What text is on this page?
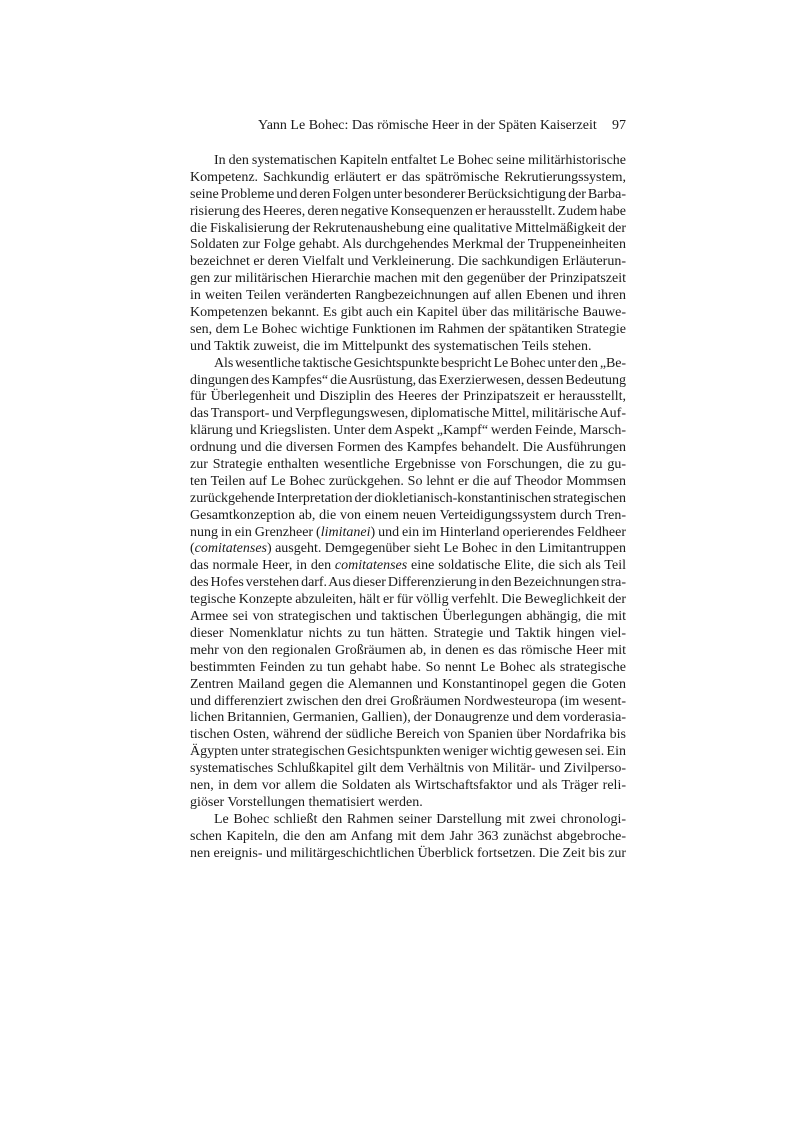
Yann Le Bohec: Das römische Heer in der Späten Kaiserzeit 97
In den systematischen Kapiteln entfaltet Le Bohec seine militärhistorische
Kompetenz. Sachkundig erläutert er das spätrömische Rekrutierungssystem,
seine Probleme und deren Folgen unter besonderer Berücksichtigung der Barba-
risierung des Heeres, deren negative Konsequenzen er herausstellt. Zudem habe
die Fiskalisierung der Rekrutenaushebung eine qualitative Mittelmäßigkeit der
Soldaten zur Folge gehabt. Als durchgehendes Merkmal der Truppeneinheiten
bezeichnet er deren Vielfalt und Verkleinerung. Die sachkundigen Erläuterun-
gen zur militärischen Hierarchie machen mit den gegenüber der Prinzipatszeit
in weiten Teilen veränderten Rangbezeichnungen auf allen Ebenen und ihren
Kompetenzen bekannt. Es gibt auch ein Kapitel über das militärische Bauwe-
sen, dem Le Bohec wichtige Funktionen im Rahmen der spätantiken Strategie
und Taktik zuweist, die im Mittelpunkt des systematischen Teils stehen.
Als wesentliche taktische Gesichtspunkte bespricht Le Bohec unter den „Be-
dingungen des Kampfes“ die Ausrüstung, das Exerzierwesen, dessen Bedeutung
für Überlegenheit und Disziplin des Heeres der Prinzipatszeit er herausstellt,
das Transport- und Verpflegungswesen, diplomatische Mittel, militärische Auf-
klärung und Kriegslisten. Unter dem Aspekt „Kampf“ werden Feinde, Marsch-
ordnung und die diversen Formen des Kampfes behandelt. Die Ausführungen
zur Strategie enthalten wesentliche Ergebnisse von Forschungen, die zu gu-
ten Teilen auf Le Bohec zurückgehen. So lehnt er die auf Theodor Mommsen
zurückgehende Interpretation der diokletianisch-konstantinischen strategischen
Gesamtkonzeption ab, die von einem neuen Verteidigungssystem durch Tren-
nung in ein Grenzheer (limitanei) und ein im Hinterland operierendes Feldheer
(comitatenses) ausgeht. Demgegenüber sieht Le Bohec in den Limitantruppen
das normale Heer, in den comitatenses eine soldatische Elite, die sich als Teil
des Hofes verstehen darf. Aus dieser Differenzierung in den Bezeichnungen stra-
tegische Konzepte abzuleiten, hält er für völlig verfehlt. Die Beweglichkeit der
Armee sei von strategischen und taktischen Überlegungen abhängig, die mit
dieser Nomenklatur nichts zu tun hätten. Strategie und Taktik hingen viel-
mehr von den regionalen Großräumen ab, in denen es das römische Heer mit
bestimmten Feinden zu tun gehabt habe. So nennt Le Bohec als strategische
Zentren Mailand gegen die Alemannen und Konstantinopel gegen die Goten
und differenziert zwischen den drei Großräumen Nordwesteuropa (im wesent-
lichen Britannien, Germanien, Gallien), der Donaugrenze und dem vorderasia-
tischen Osten, während der südliche Bereich von Spanien über Nordafrika bis
Ägypten unter strategischen Gesichtspunkten weniger wichtig gewesen sei. Ein
systematisches Schlußkapitel gilt dem Verhältnis von Militär- und Zivilperso-
nen, in dem vor allem die Soldaten als Wirtschaftsfaktor und als Träger reli-
giöser Vorstellungen thematisiert werden.
Le Bohec schließt den Rahmen seiner Darstellung mit zwei chronologi-
schen Kapiteln, die den am Anfang mit dem Jahr 363 zunächst abgebroche-
nen ereignis- und militärgeschichtlichen Überblick fortsetzen. Die Zeit bis zur
